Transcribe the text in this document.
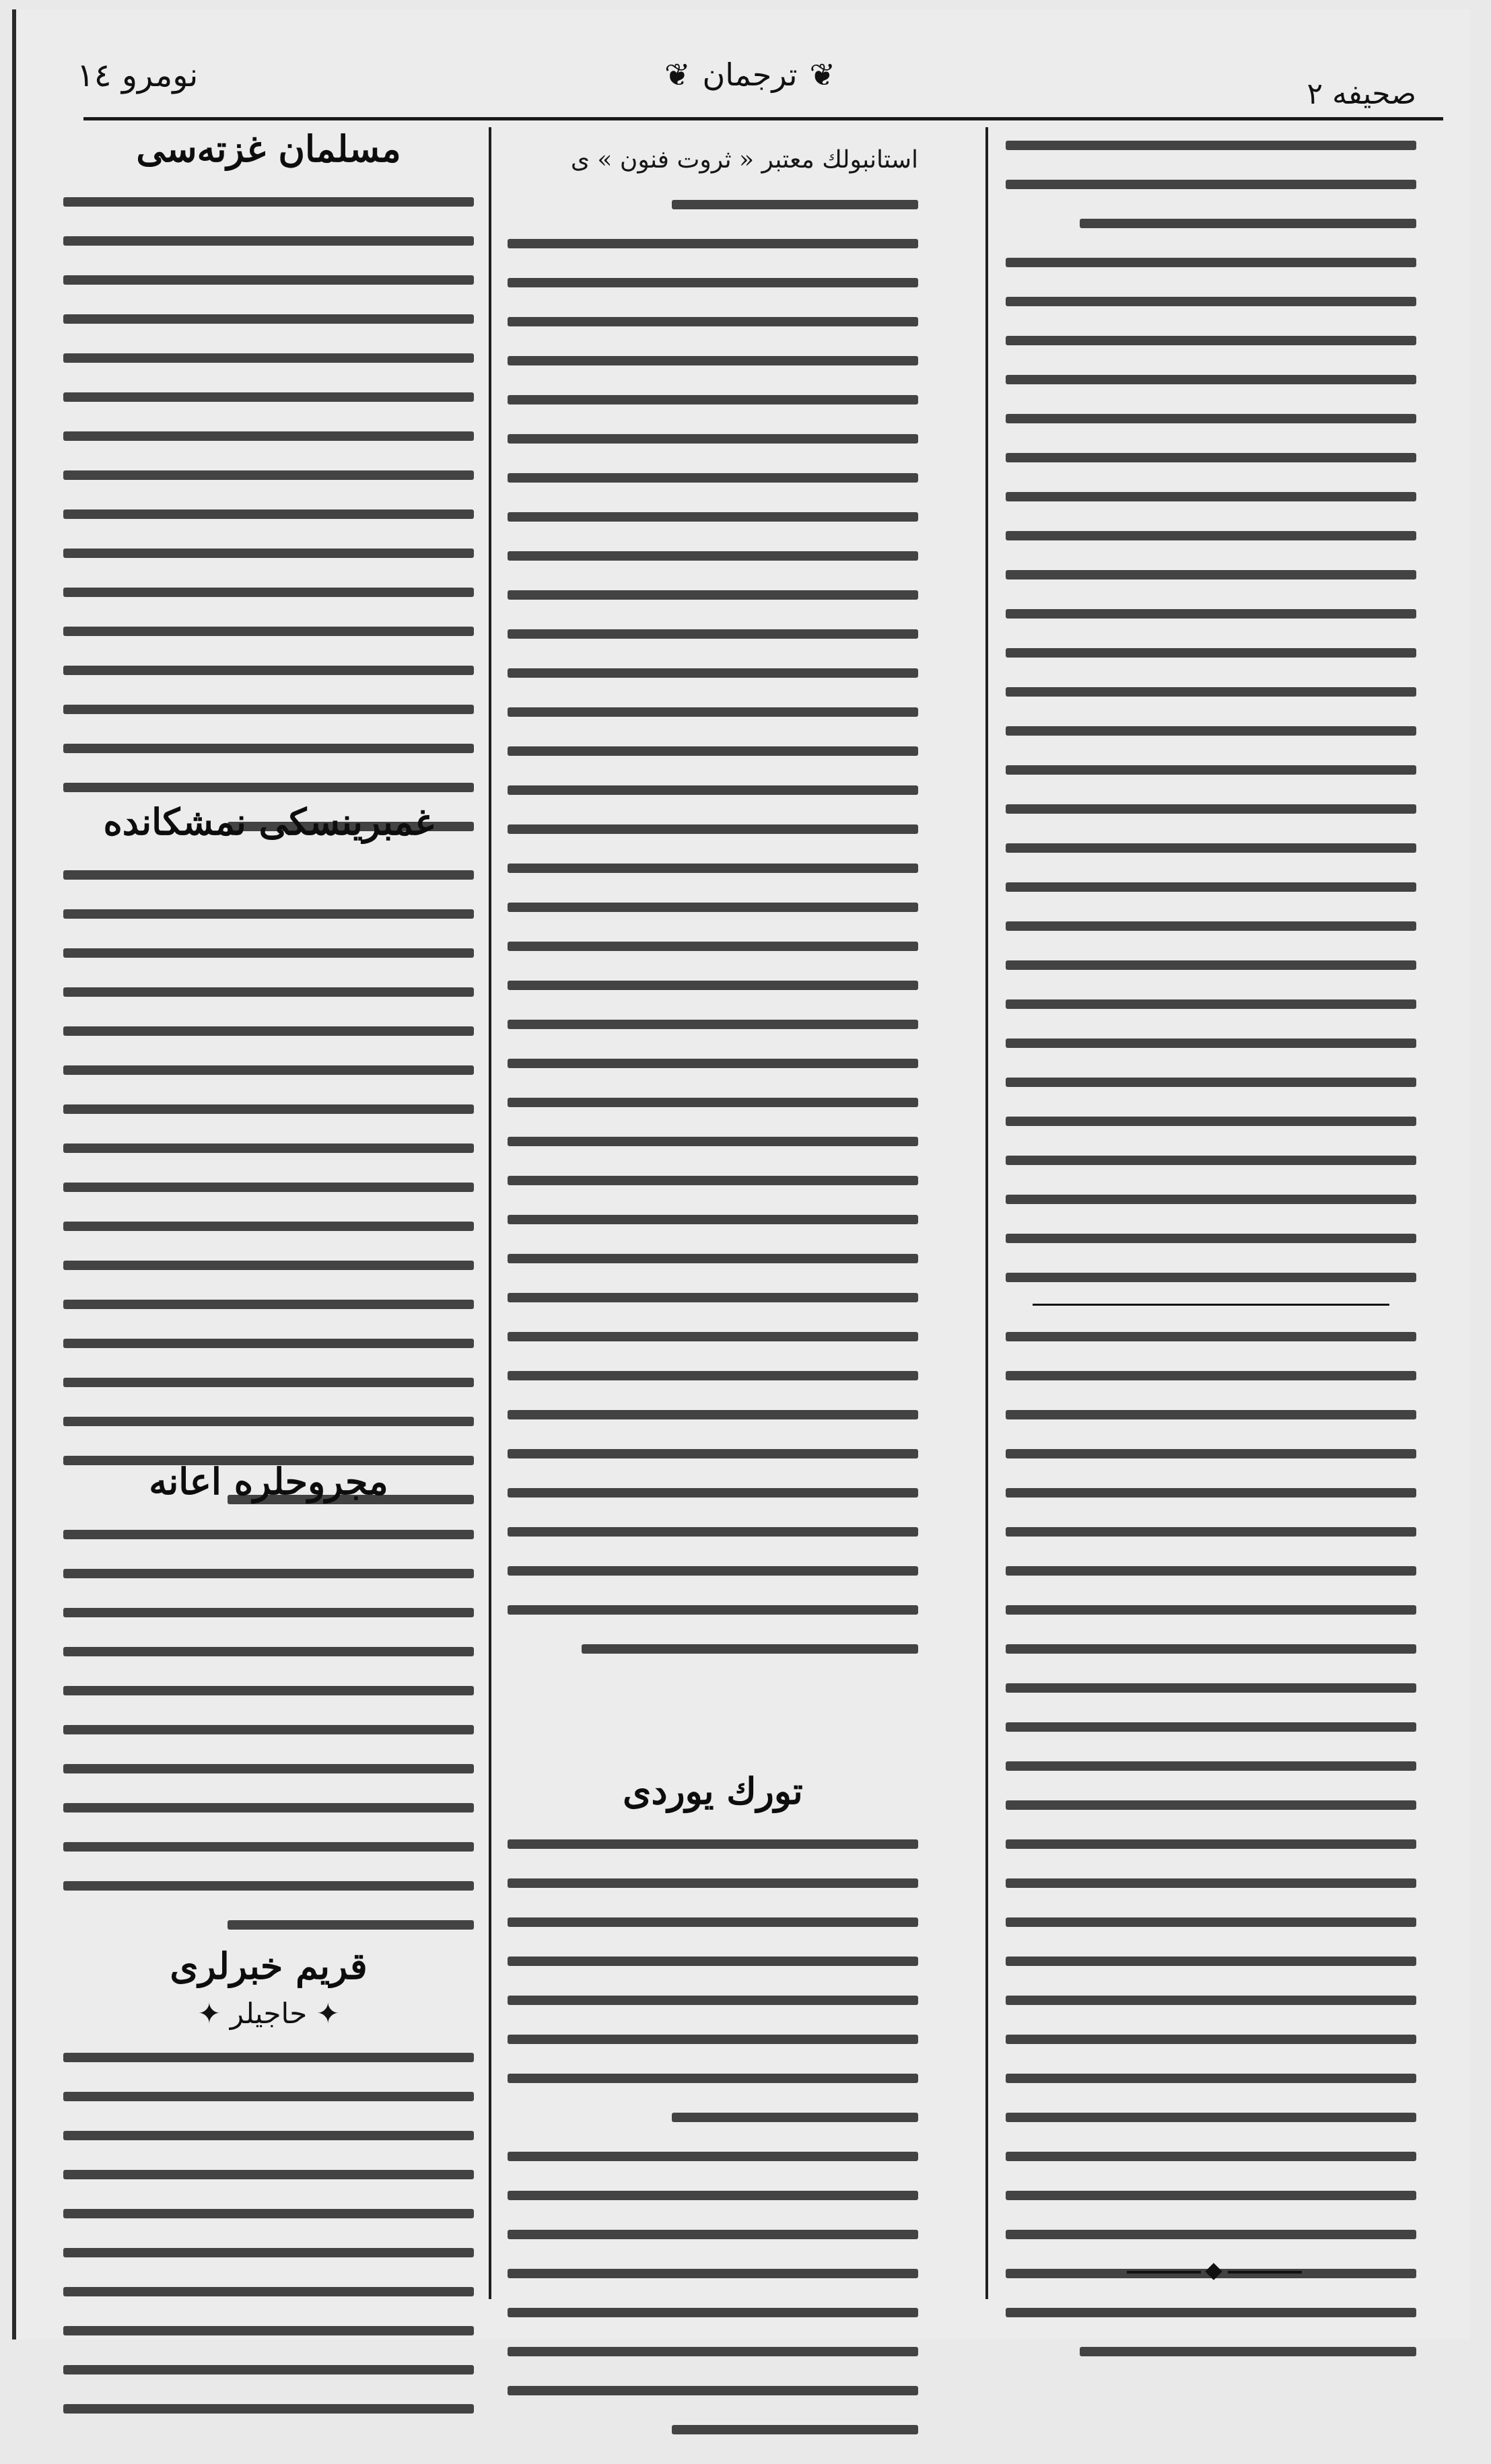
نومرو ١٤	❦
ترجمان
❦
صحیفه ٢
مسلمان غزته‌سی
غمبرینسکی نمشکانده
مجروحلره اعانه
قریم خبرلری
✦ حاجیلر ✦
استانبولك معتبر « ثروت فنون » ی
تورك یوردی
